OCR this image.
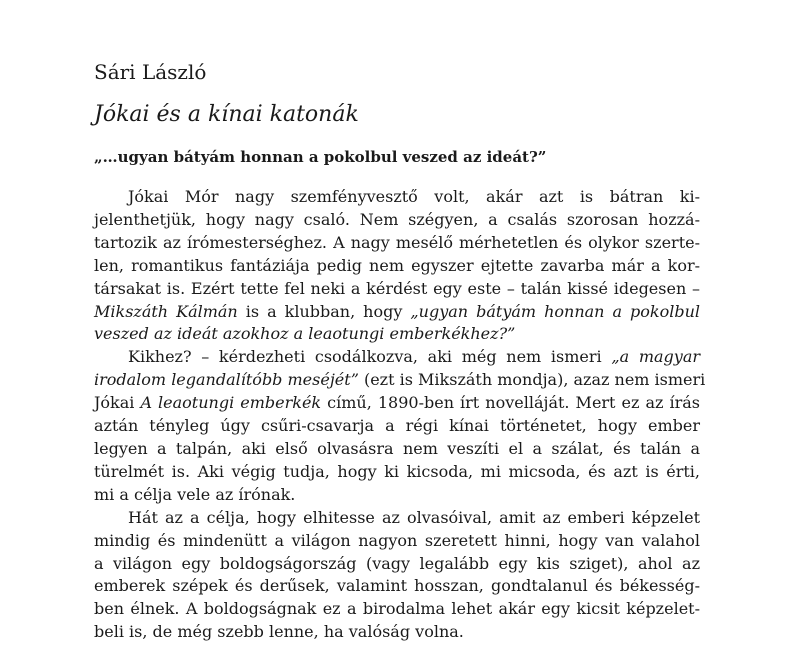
Sári László
Jókai és a kínai katonák
„…ugyan bátyám honnan a pokolbul veszed az ideát?”
Jókai Mór nagy szemfényvesztő volt, akár azt is bátran ki-
jelenthetjük, hogy nagy csaló. Nem szégyen, a csalás szorosan hozzá-
tartozik az írómesterséghez. A nagy mesélő mérhetetlen és olykor szerte-
len, romantikus fantáziája pedig nem egyszer ejtette zavarba már a kor-
társakat is. Ezért tette fel neki a kérdést egy este – talán kissé idegesen –
Mikszáth Kálmán is a klubban, hogy „ugyan bátyám honnan a pokolbul
veszed az ideát azokhoz a leaotungi emberkékhez?”
Kikhez? – kérdezheti csodálkozva, aki még nem ismeri „a magyar
irodalom legandalítóbb meséjét” (ezt is Mikszáth mondja), azaz nem ismeri
Jókai A leaotungi emberkék című, 1890-ben írt novelláját. Mert ez az írás
aztán tényleg úgy csűri-csavarja a régi kínai történetet, hogy ember
legyen a talpán, aki első olvasásra nem veszíti el a szálat, és talán a
türelmét is. Aki végig tudja, hogy ki kicsoda, mi micsoda, és azt is érti,
mi a célja vele az írónak.
Hát az a célja, hogy elhitesse az olvasóival, amit az emberi képzelet
mindig és mindenütt a világon nagyon szeretett hinni, hogy van valahol
a világon egy boldogságország (vagy legalább egy kis sziget), ahol az
emberek szépek és derűsek, valamint hosszan, gondtalanul és békesség-
ben élnek. A boldogságnak ez a birodalma lehet akár egy kicsit képzelet-
beli is, de még szebb lenne, ha valóság volna.
